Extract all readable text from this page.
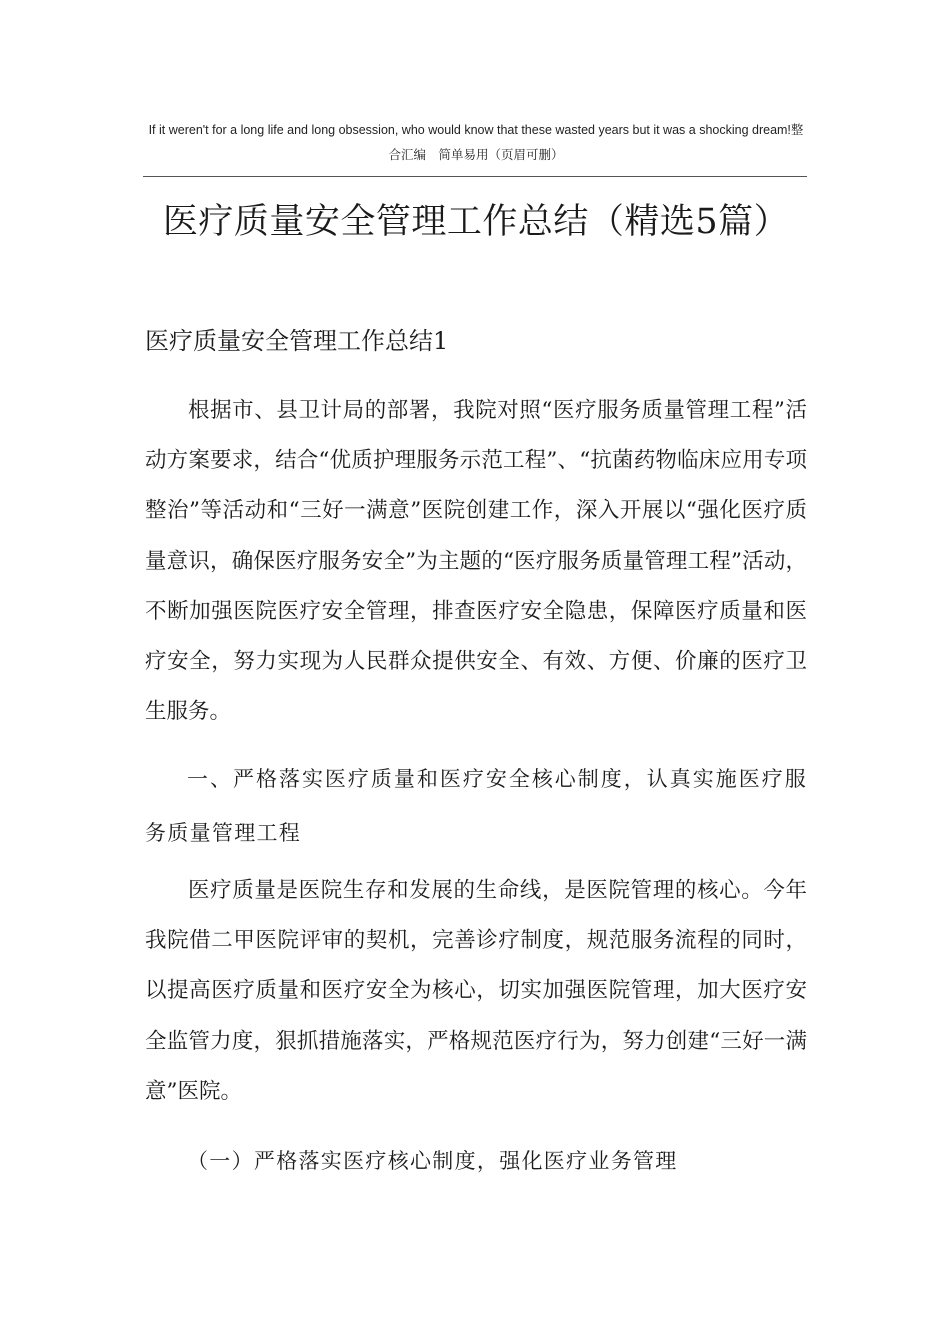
If it weren't for a long life and long obsession, who would know that these wasted years but it was a shocking dream!整合汇编　简单易用（页眉可删）
医疗质量安全管理工作总结（精选5篇）
医疗质量安全管理工作总结1

根据市、县卫计局的部署，我院对照“医疗服务质量管理工程”活动方案要求，结合“优质护理服务示范工程”、“抗菌药物临床应用专项整治”等活动和“三好一满意”医院创建工作，深入开展以“强化医疗质量意识，确保医疗服务安全”为主题的“医疗服务质量管理工程”活动，不断加强医院医疗安全管理，排查医疗安全隐患，保障医疗质量和医疗安全，努力实现为人民群众提供安全、有效、方便、价廉的医疗卫生服务。

一、严格落实医疗质量和医疗安全核心制度，认真实施医疗服务质量管理工程

医疗质量是医院生存和发展的生命线，是医院管理的核心。今年我院借二甲医院评审的契机，完善诊疗制度，规范服务流程的同时，以提高医疗质量和医疗安全为核心，切实加强医院管理，加大医疗安全监管力度，狠抓措施落实，严格规范医疗行为，努力创建“三好一满意”医院。

（一）严格落实医疗核心制度，强化医疗业务管理
